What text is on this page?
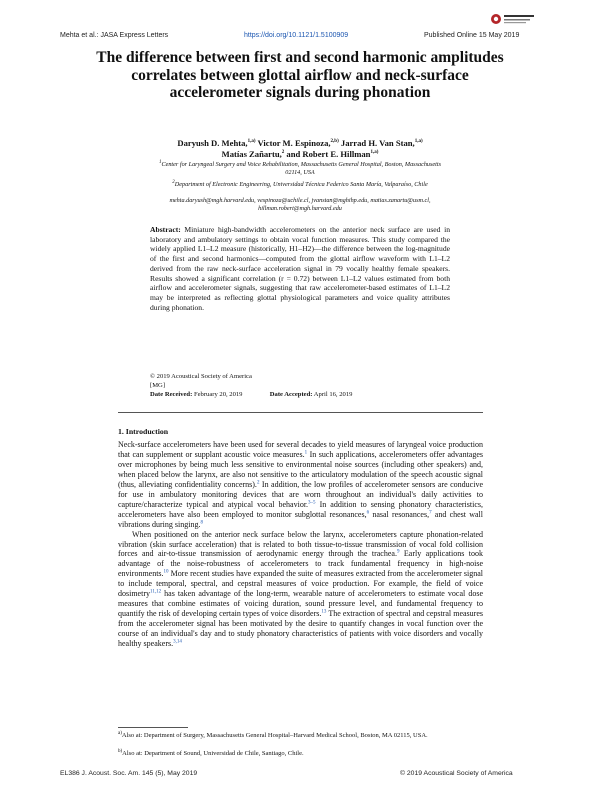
Mehta et al.: JASA Express Letters	https://doi.org/10.1121/1.5100909	Published Online 15 May 2019
The difference between first and second harmonic amplitudes correlates between glottal airflow and neck-surface accelerometer signals during phonation
Daryush D. Mehta,$^{1,a)}$ Victor M. Espinoza,$^{2,b)}$ Jarrad H. Van Stan,$^{1,a)}$
Matías Zañartu,$^2$ and Robert E. Hillman$^{1,a)}$
$^1$Center for Laryngeal Surgery and Voice Rehabilitation, Massachusetts General Hospital, Boston, Massachusetts 02114, USA
$^2$Department of Electronic Engineering, Universidad Técnica Federico Santa María, Valparaíso, Chile
mehta.daryush@mgh.harvard.edu, vespinoza@uchile.cl, jvanstan@mghihp.edu, matias.zanartu@usm.cl, hillman.robert@mgh.harvard.edu
Abstract: Miniature high-bandwidth accelerometers on the anterior neck surface are used in laboratory and ambulatory settings to obtain vocal function measures. This study compared the widely applied L1–L2 measure (historically, H1–H2)—the difference between the log-magnitude of the first and second harmonics—computed from the glottal airflow waveform with L1–L2 derived from the raw neck-surface acceleration signal in 79 vocally healthy female speakers. Results showed a significant correlation (r = 0.72) between L1–L2 values estimated from both airflow and accelerometer signals, suggesting that raw accelerometer-based estimates of L1–L2 may be interpreted as reflecting glottal physiological parameters and voice quality attributes during phonation.
© 2019 Acoustical Society of America
[MG]
Date Received: February 20, 2019	Date Accepted: April 16, 2019
1. Introduction

Neck-surface accelerometers have been used for several decades to yield measures of laryngeal voice production that can supplement or supplant acoustic voice measures.$^1$ In such applications, accelerometers offer advantages over microphones by being much less sensitive to environmental noise sources (including other speakers) and, when placed below the larynx, are also not sensitive to the articulatory modulation of the speech acoustic signal (thus, alleviating confidentiality concerns).$^2$ In addition, the low profiles of accelerometer sensors are conducive for use in ambulatory monitoring devices that are worn throughout an individual's daily activities to capture/characterize typical and atypical vocal behavior.$^{3-5}$ In addition to sensing phonatory characteristics, accelerometers have also been employed to monitor subglottal resonances,$^6$ nasal resonances,$^7$ and chest wall vibrations during singing.$^8$

When positioned on the anterior neck surface below the larynx, accelerometers capture phonation-related vibration (skin surface acceleration) that is related to both tissue-to-tissue transmission of vocal fold collision forces and air-to-tissue transmission of aerodynamic energy through the trachea.$^9$ Early applications took advantage of the noise-robustness of accelerometers to track fundamental frequency in high-noise environments.$^{10}$ More recent studies have expanded the suite of measures extracted from the accelerometer signal to include temporal, spectral, and cepstral measures of voice production. For example, the field of voice dosimetry$^{11,12}$ has taken advantage of the long-term, wearable nature of accelerometers to estimate vocal dose measures that combine estimates of voicing duration, sound pressure level, and fundamental frequency to quantify the risk of developing certain types of voice disorders.$^{13}$ The extraction of spectral and cepstral measures from the accelerometer signal has been motivated by the desire to quantify changes in vocal function over the course of an individual's day and to study phonatory characteristics of patients with voice disorders and vocally healthy speakers.$^{3,14}$

$^{a)}$Also at: Department of Surgery, Massachusetts General Hospital–Harvard Medical School, Boston, MA 02115, USA.
$^{b)}$Also at: Department of Sound, Universidad de Chile, Santiago, Chile.
EL386 J. Acoust. Soc. Am. 145 (5), May 2019	© 2019 Acoustical Society of America
